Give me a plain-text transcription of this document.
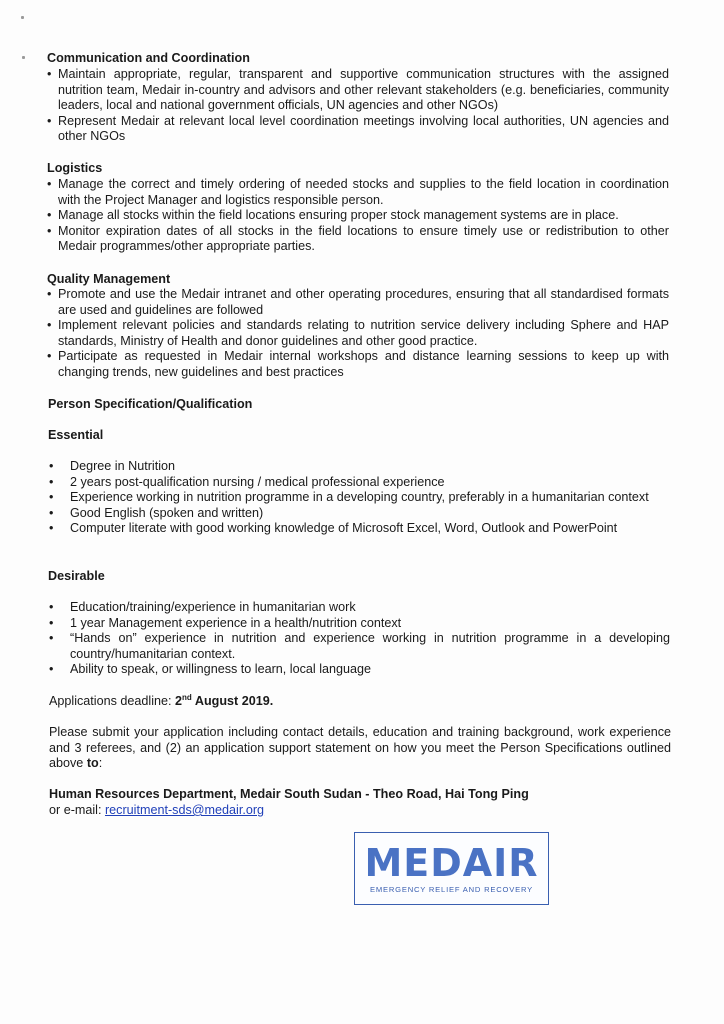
Communication and Coordination
• Maintain appropriate, regular, transparent and supportive communication structures with the assigned nutrition team, Medair in-country and advisors and other relevant stakeholders (e.g. beneficiaries, community leaders, local and national government officials, UN agencies and other NGOs)
• Represent Medair at relevant local level coordination meetings involving local authorities, UN agencies and other NGOs
Logistics
• Manage the correct and timely ordering of needed stocks and supplies to the field location in coordination with the Project Manager and logistics responsible person.
• Manage all stocks within the field locations ensuring proper stock management systems are in place.
• Monitor expiration dates of all stocks in the field locations to ensure timely use or redistribution to other Medair programmes/other appropriate parties.
Quality Management
• Promote and use the Medair intranet and other operating procedures, ensuring that all standardised formats are used and guidelines are followed
• Implement relevant policies and standards relating to nutrition service delivery including Sphere and HAP standards, Ministry of Health and donor guidelines and other good practice.
• Participate as requested in Medair internal workshops and distance learning sessions to keep up with changing trends, new guidelines and best practices
Person Specification/Qualification
Essential
• Degree in Nutrition
• 2 years post-qualification nursing / medical professional experience
• Experience working in nutrition programme in a developing country, preferably in a humanitarian context
• Good English (spoken and written)
• Computer literate with good working knowledge of Microsoft Excel, Word, Outlook and PowerPoint
Desirable
• Education/training/experience in humanitarian work
• 1 year Management experience in a health/nutrition context
• “Hands on” experience in nutrition and experience working in nutrition programme in a developing country/humanitarian context.
• Ability to speak, or willingness to learn, local language

Applications deadline: 2nd August 2019.

Please submit your application including contact details, education and training background, work experience and 3 referees, and (2) an application support statement on how you meet the Person Specifications outlined above to:

Human Resources Department, Medair South Sudan - Theo Road, Hai Tong Ping
or e-mail: recruitment-sds@medair.org
MEDAIR
EMERGENCY RELIEF AND RECOVERY
